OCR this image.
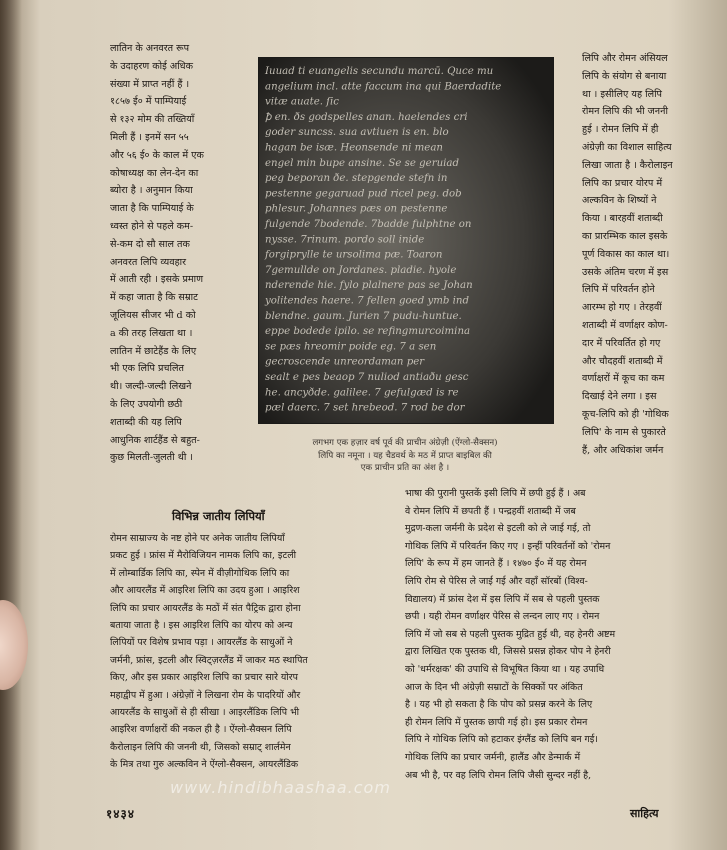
लातिन के अनवरत रूप

के उदाहरण कोई अधिक

संख्या में प्राप्त नहीं हैं ।

१८५७ ई० में पाम्पियाई

से १३२ मोम की तख्तियाँ

मिली हैं । इनमें सन ५५

और ५६ ई० के काल में एक

कोषाध्यक्ष का लेन-देन का

ब्योरा है । अनुमान किया

जाता है कि पाम्पियाई के

ध्वस्त होने से पहले कम-

से-कम दो सौ साल तक

अनवरत लिपि व्यवहार

में आती रही । इसके प्रमाण

में कहा जाता है कि सम्राट

जूलियस सीजर भी d को

a की तरह लिखता था ।

लातिन में छाटेहैंड के लिए

भी एक लिपि प्रचलित

थी। जल्दी-जल्दी लिखने

के लिए उपयोगी छठी

शताब्दी की यह लिपि

आधुनिक शार्टहैंड से बहुत-

कुछ मिलती-जुलती थी ।

Iuuad ti euangelis secundu marcū. Quce mu
angelium incl. atte faccum ina qui Baerdadite
vitæ auate. ſic
ꝥ en. ðs godspelles anan. haelendes cri
goder suncss. sua avtiuen is en. blo
hagan be isæ. Heonsende ni mean
engel min bupe ansine. Se se geruiad
peg beporan ðe. stepgende stefn in
pestenne gegaruad pud ricel peg. dob
phlesur. Johannes pæs on pestenne
fulgende 7bodende. 7badde fulphtne on
nysse. 7rinum. pordo soll inide
forgiprylle te ursolima pæ. Toaron
7gemullde on Jordanes. pladie. hyole
nderende hie. fylo plalnere pas se Johan
yolitendes haere. 7 fellen goed ymb ind
blendne. gaum. Jurien 7 pudu-huntue.
eppe bodede ipilo. se refingmurcoimina
se pæs hreomir poide eg. 7 a sen
gecroscende unreordaman per
sealt e pes beaop 7 nuliod antiaðu gesc
he. ancyðde. galilee. 7 gefulgæd is re
pæl daerc. 7 set hrebeod. 7 rod be dor
लगभग एक हज़ार वर्ष पूर्व की प्राचीन अंग्रेज़ी (ऐंग्लो-सैक्सन)
लिपि का नमूना । यह चैडवर्थ के मठ में प्राप्त बाइबिल की
एक प्राचीन प्रति का अंश है ।

लिपि और रोमन अंसियल

लिपि के संयोग से बनाया

था । इसीलिए यह लिपि

रोमन लिपि की भी जननी

हुई । रोमन लिपि में ही

अंग्रेज़ी का विशाल साहित्य

लिखा जाता है । कैरोलाइन

लिपि का प्रचार योरप में

अल्कविन के शिष्यों ने

किया । बारहवीं शताब्दी

का प्रारम्भिक काल इसके

पूर्ण विकास का काल था।

उसके अंतिम चरण में इस

लिपि में परिवर्तन होने

आरम्भ हो गए । तेरहवीं

शताब्दी में वर्णाक्षर कोण-

दार में परिवर्तित हो गए

और चौदहवीं शताब्दी में

वर्णाक्षरों में कूच का कम

दिखाई देने लगा । इस

कूच-लिपि को ही 'गोथिक

लिपि' के नाम से पुकारते

हैं, और अधिकांश जर्मन

विभिन्न जातीय लिपियाँ

रोमन साम्राज्य के नष्ट होने पर अनेक जातीय लिपियाँ

प्रकट हुई । फ्रांस में मैरोविजियन नामक लिपि का, इटली

में लोम्बार्डिक लिपि का, स्पेन में वीज़ीगोथिक लिपि का

और आयरलैंड में आइरिश लिपि का उदय हुआ । आइरिश

लिपि का प्रचार आयरलैंड के मठों में संत पैट्रिक द्वारा होना

बताया जाता है । इस आइरिश लिपि का योरप को अन्य

लिपियों पर विशेष प्रभाव पड़ा । आयरलैंड के साधुओं ने

जर्मनी, फ्रांस, इटली और स्विट्ज़रलैंड में जाकर मठ स्थापित

किए, और इस प्रकार आइरिश लिपि का प्रचार सारे योरप

महाद्वीप में हुआ । अंग्रेज़ों ने लिखना रोम के पादरियों और

आयरलैंड के साधुओं से ही सीखा । आइरलैंडिक लिपि भी

आइरिश वर्णाक्षरों की नकल ही है । ऐंग्लो-सैक्सन लिपि

कैरोलाइन लिपि की जननी थी, जिसको सम्राट् शार्लमेन

के मित्र तथा गुरु अल्कविन ने ऐंग्लो-सैक्सन, आयरलैंडिक

भाषा की पुरानी पुस्तकें इसी लिपि में छपी हुई हैं । अब

वे रोमन लिपि में छपती हैं । पन्द्रहवीं शताब्दी में जब

मुद्रण-कला जर्मनी के प्रदेश से इटली को ले जाई गई, तो

गोथिक लिपि में परिवर्तन किए गए । इन्हीं परिवर्तनों को 'रोमन

लिपि' के रूप में हम जानते हैं । १४७० ई० में यह रोमन

लिपि रोम से पेरिस ले जाई गई और वहाँ सॉरबों (विश्व-

विद्यालय) में फ्रांस देश में इस लिपि में सब से पहली पुस्तक

छपी । यही रोमन वर्णाक्षर पेरिस से लन्दन लाए गए । रोमन

लिपि में जो सब से पहली पुस्तक मुद्रित हुई थी, वह हेनरी अष्टम

द्वारा लिखित एक पुस्तक थी, जिससे प्रसन्न होकर पोप ने हेनरी

को 'धर्मरक्षक' की उपाधि से विभूषित किया था । यह उपाधि

आज के दिन भी अंग्रेज़ी सम्राटों के सिक्कों पर अंकित

है । यह भी हो सकता है कि पोप को प्रसन्न करने के लिए

ही रोमन लिपि में पुस्तक छापी गई हो। इस प्रकार रोमन

लिपि ने गोथिक लिपि को हटाकर इंग्लैंड को लिपि बन गई।

गोथिक लिपि का प्रचार जर्मनी, हालैंड और डेन्मार्क में

अब भी है, पर वह लिपि रोमन लिपि जैसी सुन्दर नहीं है,

www.hindibhaashaa.com
१४३४	साहित्य
